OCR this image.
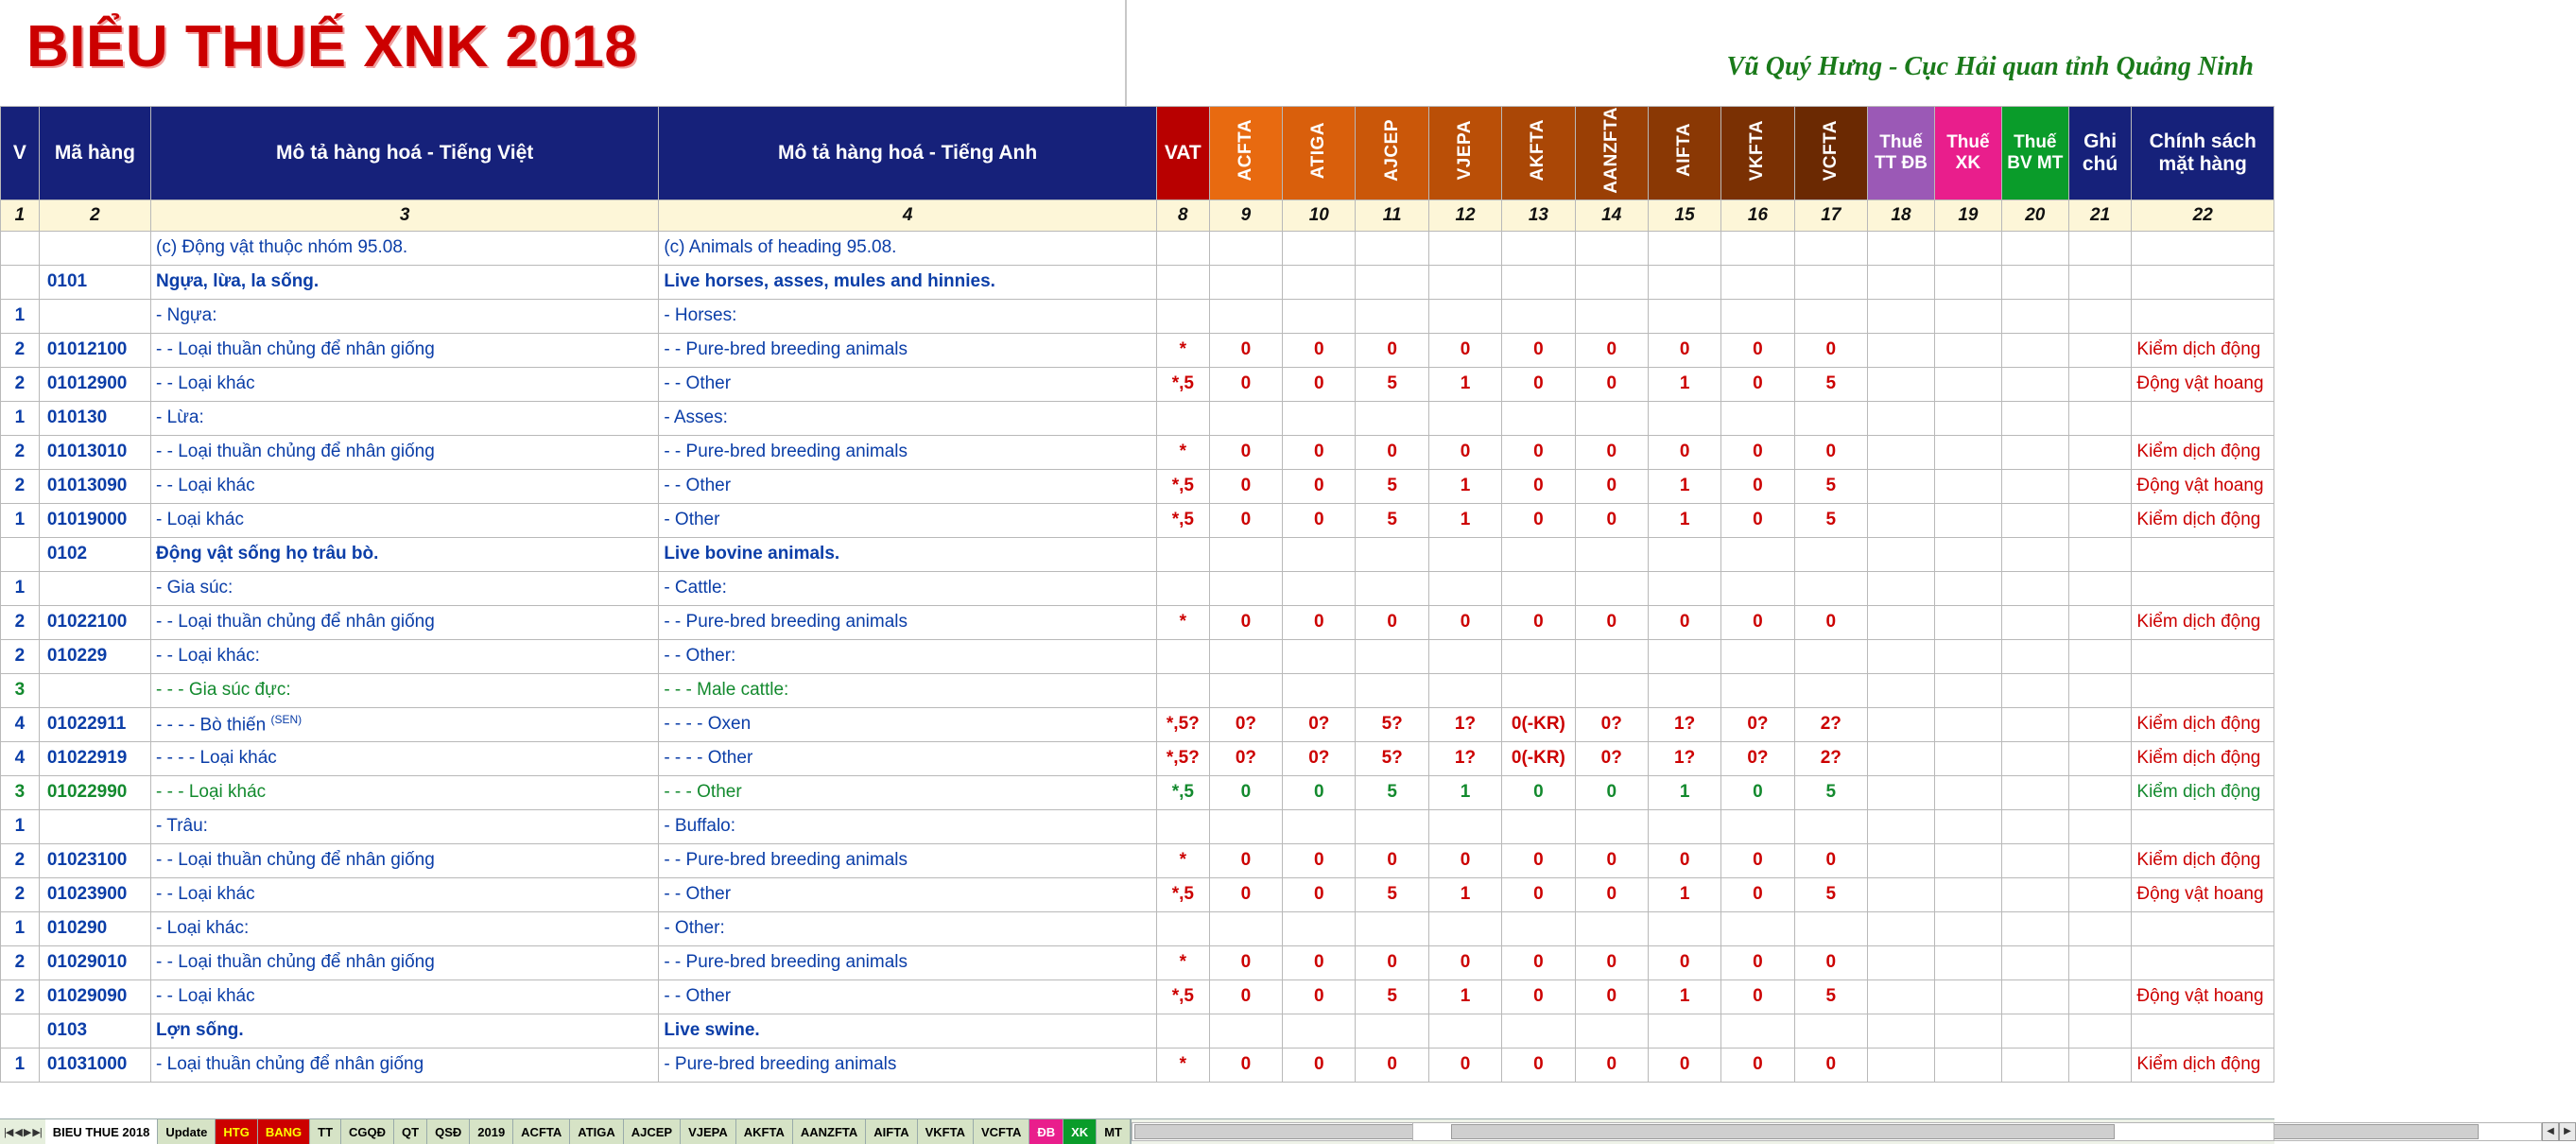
BIỂU THUẾ XNK 2018	Vũ Quý Hưng - Cục Hải quan tỉnh Quảng Ninh
V	Mã hàng	Mô tả hàng hoá - Tiếng Việt	Mô tả hàng hoá - Tiếng Anh	VAT	ACFTA	ATIGA	AJCEP	VJEPA	AKFTA	AANZFTA	AIFTA	VKFTA	VCFTA	Thuế TT ĐB	Thuế XK	Thuế BV MT	Ghi chú	Chính sách mặt hàng
1	2	3	4	8	9	10	11	12	13	14	15	16	17	18	19	20	21	22
		(c) Động vật thuộc nhóm 95.08.	(c) Animals of heading 95.08.															
	0101	Ngựa, lừa, la sống.	Live horses, asses, mules and hinnies.															
1		- Ngựa:	- Horses:															
2	01012100	- - Loại thuần chủng để nhân giống	- - Pure-bred breeding animals	*	0	0	0	0	0	0	0	0	0					Kiểm dịch động
2	01012900	- - Loại khác	- - Other	*,5	0	0	5	1	0	0	1	0	5					Động vật hoang
1	010130	- Lừa:	- Asses:															
2	01013010	- - Loại thuần chủng để nhân giống	- - Pure-bred breeding animals	*	0	0	0	0	0	0	0	0	0					Kiểm dịch động
2	01013090	- - Loại khác	- - Other	*,5	0	0	5	1	0	0	1	0	5					Động vật hoang
1	01019000	- Loại khác	- Other	*,5	0	0	5	1	0	0	1	0	5					Kiểm dịch động
	0102	Động vật sống họ trâu bò.	Live bovine animals.															
1		- Gia súc:	- Cattle:															
2	01022100	- - Loại thuần chủng để nhân giống	- - Pure-bred breeding animals	*	0	0	0	0	0	0	0	0	0					Kiểm dịch động
2	010229	- - Loại khác:	- - Other:															
3		- - - Gia súc đực:	- - - Male cattle:															
4	01022911	- - - - Bò thiến $^{(SEN)}$	- - - - Oxen	*,5?	0?	0?	5?	1?	0(-KR)	0?	1?	0?	2?					Kiểm dịch động
4	01022919	- - - - Loại khác	- - - - Other	*,5?	0?	0?	5?	1?	0(-KR)	0?	1?	0?	2?					Kiểm dịch động
3	01022990	- - - Loại khác	- - - Other	*,5	0	0	5	1	0	0	1	0	5					Kiểm dịch động
1		- Trâu:	- Buffalo:															
2	01023100	- - Loại thuần chủng để nhân giống	- - Pure-bred breeding animals	*	0	0	0	0	0	0	0	0	0					Kiểm dịch động
2	01023900	- - Loại khác	- - Other	*,5	0	0	5	1	0	0	1	0	5					Động vật hoang
1	010290	- Loại khác:	- Other:															
2	01029010	- - Loại thuần chủng để nhân giống	- - Pure-bred breeding animals	*	0	0	0	0	0	0	0	0	0					
2	01029090	- - Loại khác	- - Other	*,5	0	0	5	1	0	0	1	0	5					Động vật hoang
	0103	Lợn sống.	Live swine.															
1	01031000	- Loại thuần chủng để nhân giống	- Pure-bred breeding animals	*	0	0	0	0	0	0	0	0	0					Kiểm dịch động
|◀ ◀ ▶ ▶| BIEU THUE 2018	Update	HTG	BANG	TT	CGQĐ	QT	QSĐ	2019	ACFTA	ATIGA	AJCEP	VJEPA	AKFTA	AANZFTA	AIFTA	VKFTA	VCFTA	ĐB	XK	MT	◀	▶
